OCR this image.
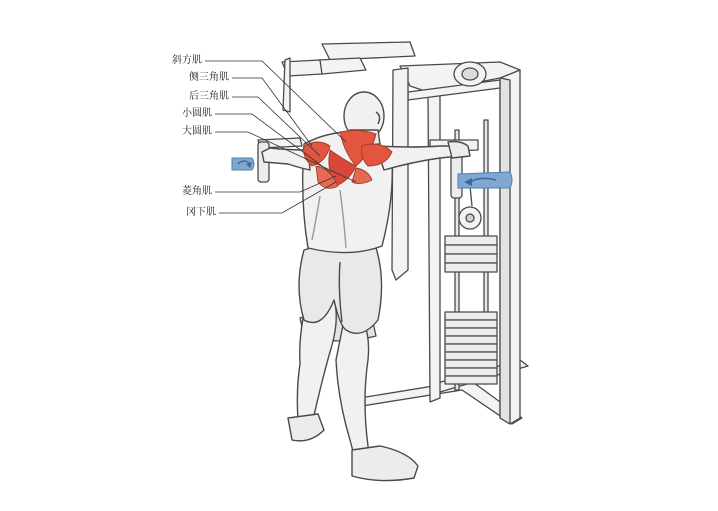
斜方肌
侧三角肌
后三角肌
小圆肌
大圆肌
菱角肌
冈下肌
